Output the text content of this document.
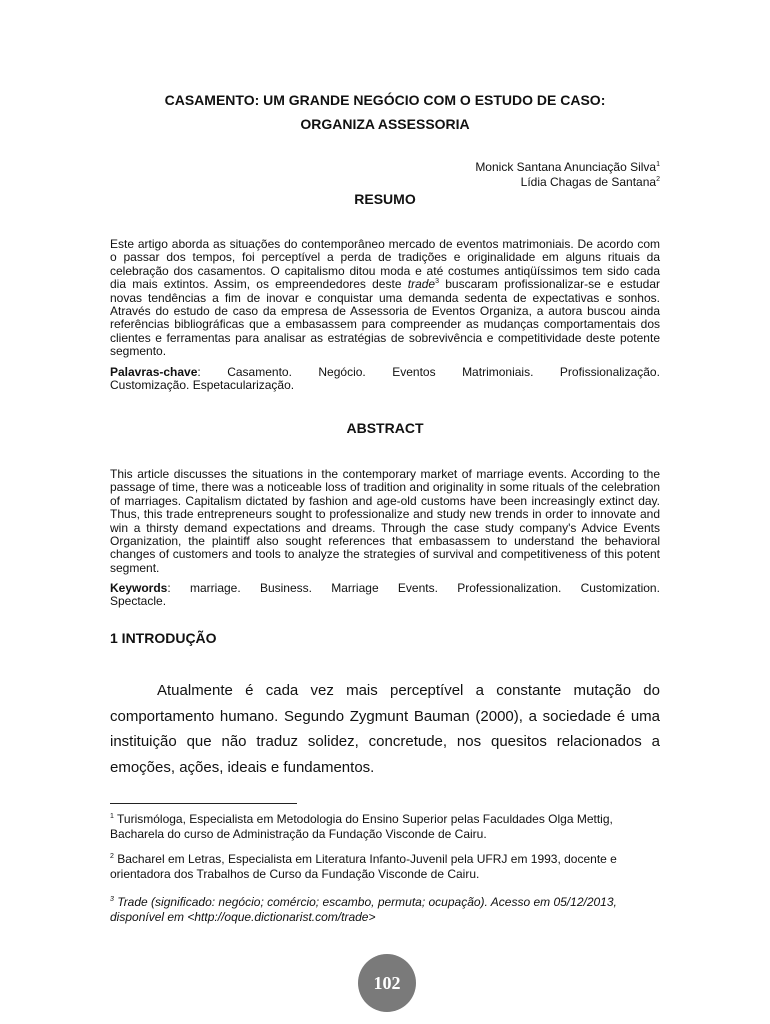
CASAMENTO: UM GRANDE NEGÓCIO COM O ESTUDO DE CASO:
ORGANIZA ASSESSORIA
Monick Santana Anunciação Silva$^1$
Lídia Chagas de Santana$^2$
RESUMO

Este artigo aborda as situações do contemporâneo mercado de eventos matrimoniais. De acordo com o passar dos tempos, foi perceptível a perda de tradições e originalidade em alguns rituais da celebração dos casamentos. O capitalismo ditou moda e até costumes antiqüíssimos tem sido cada dia mais extintos. Assim, os empreendedores deste trade$^3$ buscaram profissionalizar-se e estudar novas tendências a fim de inovar e conquistar uma demanda sedenta de expectativas e sonhos. Através do estudo de caso da empresa de Assessoria de Eventos Organiza, a autora buscou ainda referências bibliográficas que a embasassem para compreender as mudanças comportamentais dos clientes e ferramentas para analisar as estratégias de sobrevivência e competitividade deste potente segmento.

Palavras-chave: Casamento. Negócio. Eventos Matrimoniais. Profissionalização.
Customização. Espetacularização.
ABSTRACT

This article discusses the situations in the contemporary market of marriage events. According to the passage of time, there was a noticeable loss of tradition and originality in some rituals of the celebration of marriages. Capitalism dictated by fashion and age-old customs have been increasingly extinct day. Thus, this trade entrepreneurs sought to professionalize and study new trends in order to innovate and win a thirsty demand expectations and dreams. Through the case study company's Advice Events Organization, the plaintiff also sought references that embasassem to understand the behavioral changes of customers and tools to analyze the strategies of survival and competitiveness of this potent segment.

Keywords: marriage. Business. Marriage Events. Professionalization. Customization.
Spectacle.
1 INTRODUÇÃO

Atualmente é cada vez mais perceptível a constante mutação do comportamento humano. Segundo Zygmunt Bauman (2000), a sociedade é uma instituição que não traduz solidez, concretude, nos quesitos relacionados a emoções, ações, ideais e fundamentos.

$^1$ Turismóloga, Especialista em Metodologia do Ensino Superior pelas Faculdades Olga Mettig, Bacharela do curso de Administração da Fundação Visconde de Cairu.

$^2$ Bacharel em Letras, Especialista em Literatura Infanto-Juvenil pela UFRJ em 1993, docente e orientadora dos Trabalhos de Curso da Fundação Visconde de Cairu.

$^3$ Trade (significado: negócio; comércio; escambo, permuta; ocupação). Acesso em 05/12/2013, disponível em <http://oque.dictionarist.com/trade>

102
